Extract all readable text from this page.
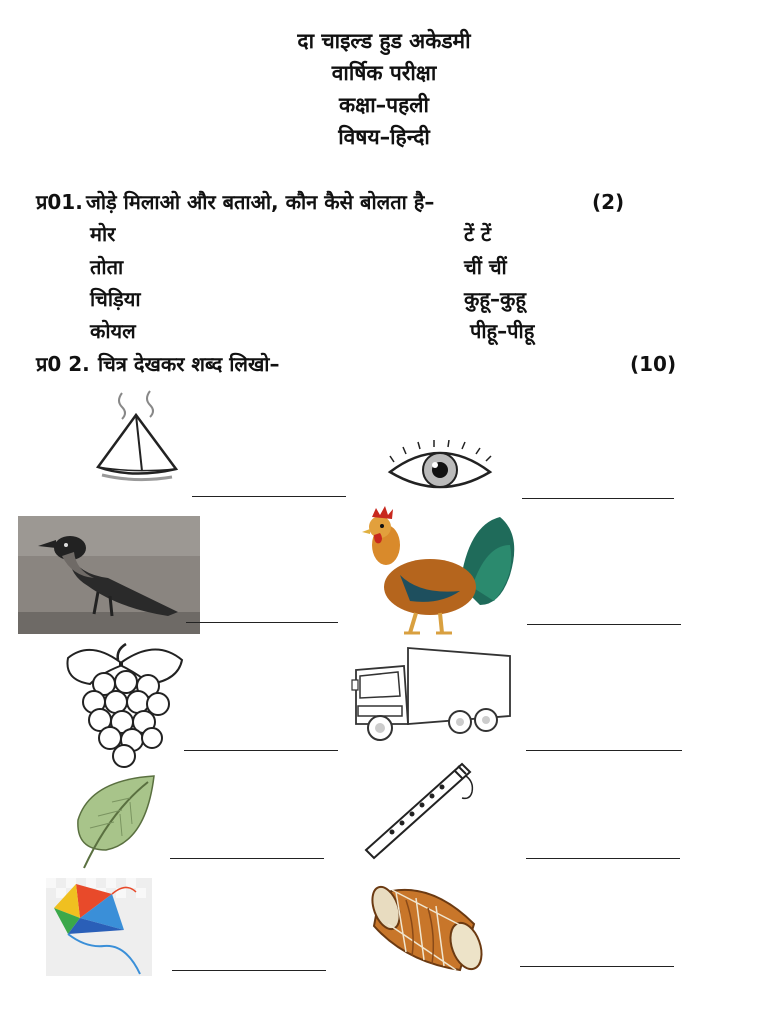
दा चाइल्ड हुड अकेडमी
वार्षिक परीक्षा
कक्षा–पहली
विषय–हिन्दी
प्र01. जोड़े मिलाओ और बताओ, कौन कैसे बोलता है–	(2)
मोर
तोता
चिड़िया
कोयल
टें टें
चीं चीं
कुहू–कुहू
पीहू–पीहू
प्र0 2. चित्र देखकर शब्द लिखो–	(10)
